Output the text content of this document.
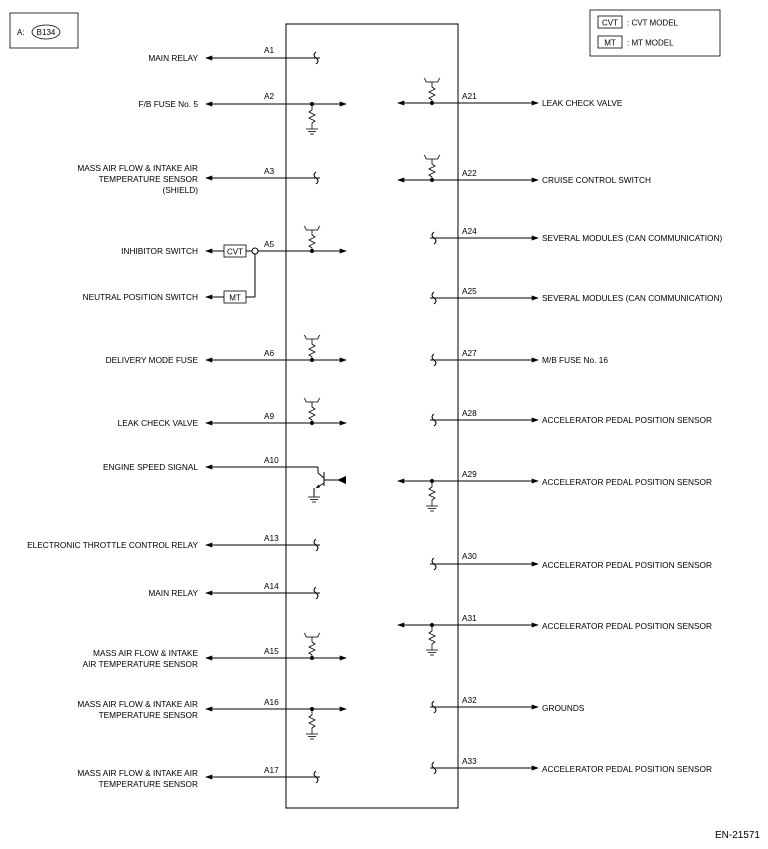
A: B134
CVT : CVT MODEL
MT : MT MODEL
A1
MAIN RELAY
A2
F/B FUSE No. 5
A3
MASS AIR FLOW & INTAKE AIR
TEMPERATURE SENSOR
(SHIELD)
CVT
MT
A5
INHIBITOR SWITCH
NEUTRAL POSITION SWITCH
A6
DELIVERY MODE FUSE
A9
LEAK CHECK VALVE
A10
ENGINE SPEED SIGNAL
A13
ELECTRONIC THROTTLE CONTROL RELAY
A14
MAIN RELAY
A15
MASS AIR FLOW & INTAKE
AIR TEMPERATURE SENSOR
A16
MASS AIR FLOW & INTAKE AIR
TEMPERATURE SENSOR
A17
MASS AIR FLOW & INTAKE AIR
TEMPERATURE SENSOR
A21
LEAK CHECK VALVE
A22
CRUISE CONTROL SWITCH
A24
SEVERAL MODULES (CAN COMMUNICATION)
A25
SEVERAL MODULES (CAN COMMUNICATION)
A27
M/B FUSE No. 16
A28
ACCELERATOR PEDAL POSITION SENSOR
A29
ACCELERATOR PEDAL POSITION SENSOR
A30
ACCELERATOR PEDAL POSITION SENSOR
A31
ACCELERATOR PEDAL POSITION SENSOR
A32
GROUNDS
A33
ACCELERATOR PEDAL POSITION SENSOR
EN-21571
